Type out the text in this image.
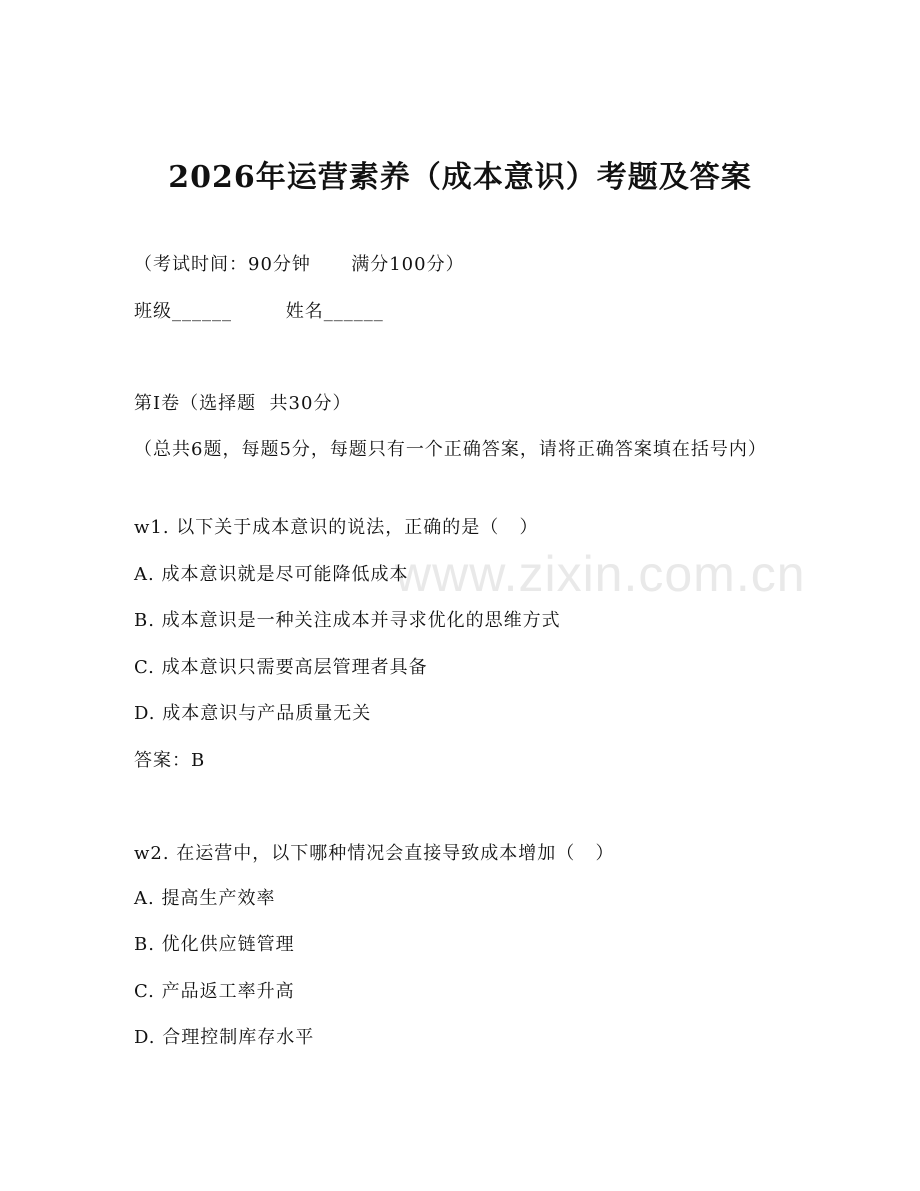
www.zixin.com.cn
2026年运营素养（成本意识）考题及答案
（考试时间：90分钟      满分100分）
班级______        姓名______
第I卷（选择题  共30分）
（总共6题，每题5分，每题只有一个正确答案，请将正确答案填在括号内）
w1. 以下关于成本意识的说法，正确的是（   ）
A. 成本意识就是尽可能降低成本
B. 成本意识是一种关注成本并寻求优化的思维方式
C. 成本意识只需要高层管理者具备
D. 成本意识与产品质量无关
答案：B
w2. 在运营中，以下哪种情况会直接导致成本增加（   ）
A. 提高生产效率
B. 优化供应链管理
C. 产品返工率升高
D. 合理控制库存水平
